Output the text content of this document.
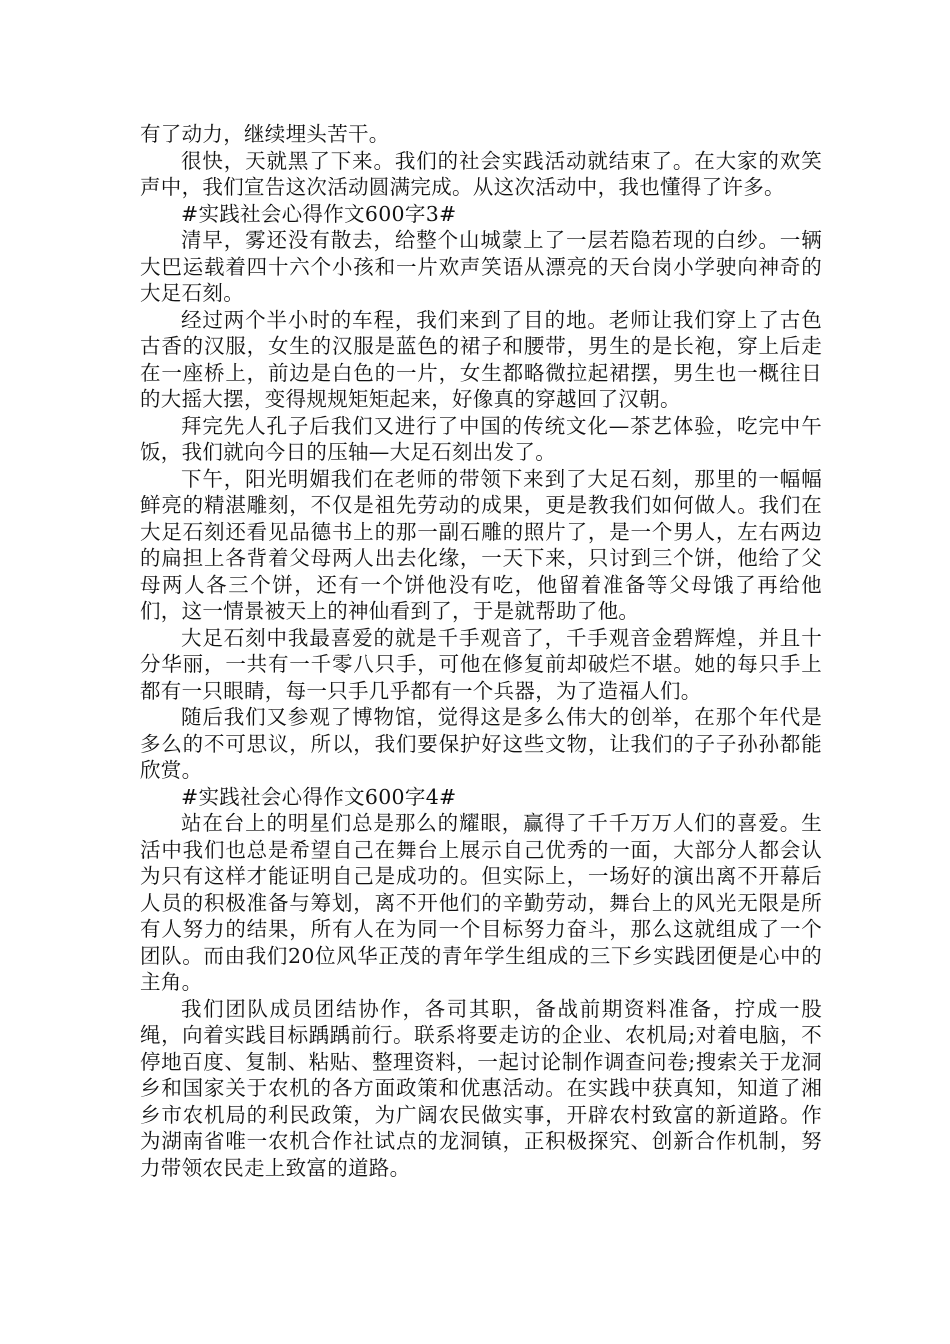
有了动力，继续埋头苦干。

很快，天就黑了下来。我们的社会实践活动就结束了。在大家的欢笑声中，我们宣告这次活动圆满完成。从这次活动中，我也懂得了许多。

#实践社会心得作文600字3#

清早，雾还没有散去，给整个山城蒙上了一层若隐若现的白纱。一辆大巴运载着四十六个小孩和一片欢声笑语从漂亮的天台岗小学驶向神奇的大足石刻。

经过两个半小时的车程，我们来到了目的地。老师让我们穿上了古色古香的汉服，女生的汉服是蓝色的裙子和腰带，男生的是长袍，穿上后走在一座桥上，前边是白色的一片，女生都略微拉起裙摆，男生也一概往日的大摇大摆，变得规规矩矩起来，好像真的穿越回了汉朝。

拜完先人孔子后我们又进行了中国的传统文化—茶艺体验，吃完中午饭，我们就向今日的压轴—大足石刻出发了。

下午，阳光明媚我们在老师的带领下来到了大足石刻，那里的一幅幅鲜亮的精湛雕刻，不仅是祖先劳动的成果，更是教我们如何做人。我们在大足石刻还看见品德书上的那一副石雕的照片了，是一个男人，左右两边的扁担上各背着父母两人出去化缘，一天下来，只讨到三个饼，他给了父母两人各三个饼，还有一个饼他没有吃，他留着准备等父母饿了再给他们，这一情景被天上的神仙看到了，于是就帮助了他。

大足石刻中我最喜爱的就是千手观音了，千手观音金碧辉煌，并且十分华丽，一共有一千零八只手，可他在修复前却破烂不堪。她的每只手上都有一只眼睛，每一只手几乎都有一个兵器，为了造福人们。

随后我们又参观了博物馆，觉得这是多么伟大的创举，在那个年代是多么的不可思议，所以，我们要保护好这些文物，让我们的子子孙孙都能欣赏。

#实践社会心得作文600字4#

站在台上的明星们总是那么的耀眼，赢得了千千万万人们的喜爱。生活中我们也总是希望自己在舞台上展示自己优秀的一面，大部分人都会认为只有这样才能证明自己是成功的。但实际上，一场好的演出离不开幕后人员的积极准备与筹划，离不开他们的辛勤劳动，舞台上的风光无限是所有人努力的结果，所有人在为同一个目标努力奋斗，那么这就组成了一个团队。而由我们20位风华正茂的青年学生组成的三下乡实践团便是心中的主角。

我们团队成员团结协作，各司其职，备战前期资料准备，拧成一股绳，向着实践目标踽踽前行。联系将要走访的企业、农机局;对着电脑，不停地百度、复制、粘贴、整理资料，一起讨论制作调查问卷;搜索关于龙洞乡和国家关于农机的各方面政策和优惠活动。在实践中获真知，知道了湘乡市农机局的利民政策，为广阔农民做实事，开辟农村致富的新道路。作为湖南省唯一农机合作社试点的龙洞镇，正积极探究、创新合作机制，努力带领农民走上致富的道路。
